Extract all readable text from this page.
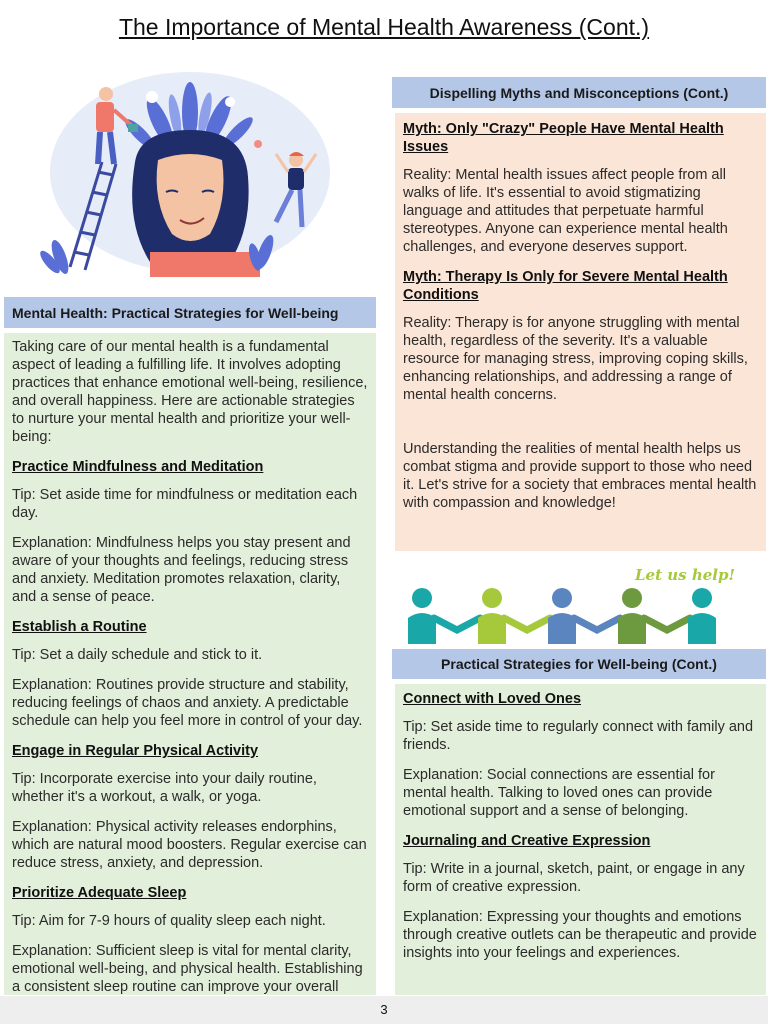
The Importance of Mental Health Awareness (Cont.)
Mental Health: Practical Strategies for Well-being

Taking care of our mental health is a fundamental aspect of leading a fulfilling life. It involves adopting practices that enhance emotional well-being, resilience, and overall happiness. Here are actionable strategies to nurture your mental health and prioritize your well-being:

Practice Mindfulness and Meditation

Tip: Set aside time for mindfulness or meditation each day.

Explanation: Mindfulness helps you stay present and aware of your thoughts and feelings, reducing stress and anxiety. Meditation promotes relaxation, clarity, and a sense of peace.

Establish a Routine

Tip: Set a daily schedule and stick to it.

Explanation: Routines provide structure and stability, reducing feelings of chaos and anxiety. A predictable schedule can help you feel more in control of your day.

Engage in Regular Physical Activity

Tip: Incorporate exercise into your daily routine, whether it's a workout, a walk, or yoga.

Explanation: Physical activity releases endorphins, which are natural mood boosters. Regular exercise can reduce stress, anxiety, and depression.

Prioritize Adequate Sleep

Tip: Aim for 7-9 hours of quality sleep each night.

Explanation: Sufficient sleep is vital for mental clarity, emotional well-being, and physical health. Establishing a consistent sleep routine can improve your overall

Dispelling Myths and Misconceptions (Cont.)
Myth: Only "Crazy" People Have Mental Health Issues

Reality: Mental health issues affect people from all walks of life. It's essential to avoid stigmatizing language and attitudes that perpetuate harmful stereotypes. Anyone can experience mental health challenges, and everyone deserves support.

Myth: Therapy Is Only for Severe Mental Health Conditions

Reality: Therapy is for anyone struggling with mental health, regardless of the severity. It's a valuable resource for managing stress, improving coping skills, enhancing relationships, and addressing a range of mental health concerns.

Understanding the realities of mental health helps us combat stigma and provide support to those who need it. Let's strive for a society that embraces mental health with compassion and knowledge!

Let us help!
Practical Strategies for Well-being (Cont.)
Connect with Loved Ones

Tip: Set aside time to regularly connect with family and friends.

Explanation: Social connections are essential for mental health. Talking to loved ones can provide emotional support and a sense of belonging.

Journaling and Creative Expression

Tip: Write in a journal, sketch, paint, or engage in any form of creative expression.

Explanation: Expressing your thoughts and emotions through creative outlets can be therapeutic and provide insights into your feelings and experiences.

3
